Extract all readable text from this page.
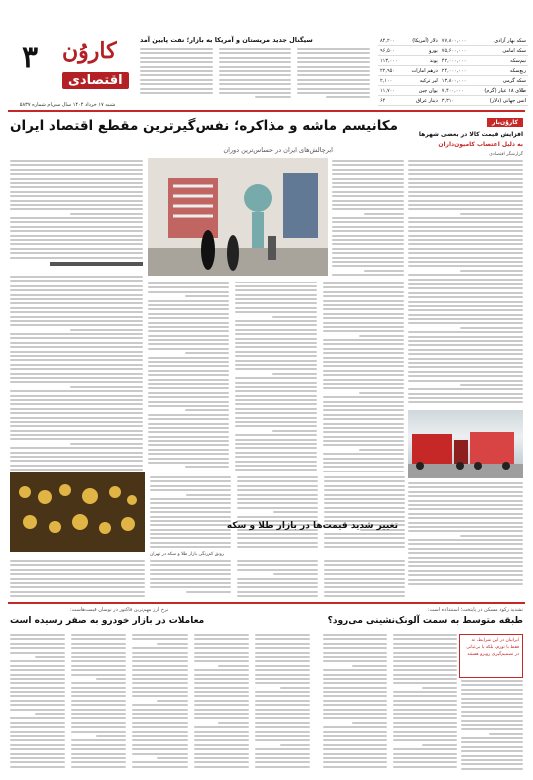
۳ کاروُن
اقتصادی
شنبه ۱۷ خرداد ۱۴۰۴ سال سی‌ام شماره ۵۸۳۷
سیگنال جدید مریستان و آمریکا به بازار؛ نفت پایین آمد	سکه بهار آزادی	۷۷,۸۰۰,۰۰۰	دلار (آمریکا)	۸۴,۲۰۰
سکه امامی	۷۵,۶۰۰,۰۰۰	یورو	۹۶,۵۰۰
نیم‌سکه	۴۲,۰۰۰,۰۰۰	پوند	۱۱۳,۰۰۰
ربع‌سکه	۲۴,۰۰۰,۰۰۰	درهم امارات	۲۲,۹۵۰
سکه گرمی	۱۳,۸۰۰,۰۰۰	لیر ترکیه	۲,۱۰۰
طلای ۱۸ عیار (گرم)	۷,۴۰۰,۰۰۰	یوان چین	۱۱,۷۰۰
انس جهانی (دلار)	۳,۳۱۰	دینار عراق	۶۴
کاروُن‌بار
افزایش قیمت کالا در بعضی شهرها
به دلیل اعتصاب کامیون‌داران
گزارشگر اقتصادی
مکانیسم ماشه و مذاکره؛ نفس‌گیرترین مقطع اقتصاد ایران
ابرچالش‌های ایران در حساس‌ترین دوران
رونق کم‌رنگی بازار طلا و سکه در تهران
تغییر شدید قیمت‌ها در بازار طلا و سکه
تشدید رکود مسکن در پایتخت؛ اسنتداده است:
طبقه متوسط به سمت آلونک‌نشینی می‌رود؟
ایرانیان در این شرایط، نه فقط با تورم، بلکه با بی‌ثباتی در تصمیم‌گیری روبرو هستند
نرخ ارز مهم‌ترین فاکتور در نوسان قیمت‌هاست:
معاملات در بازار خودرو به صفر رسیده است
